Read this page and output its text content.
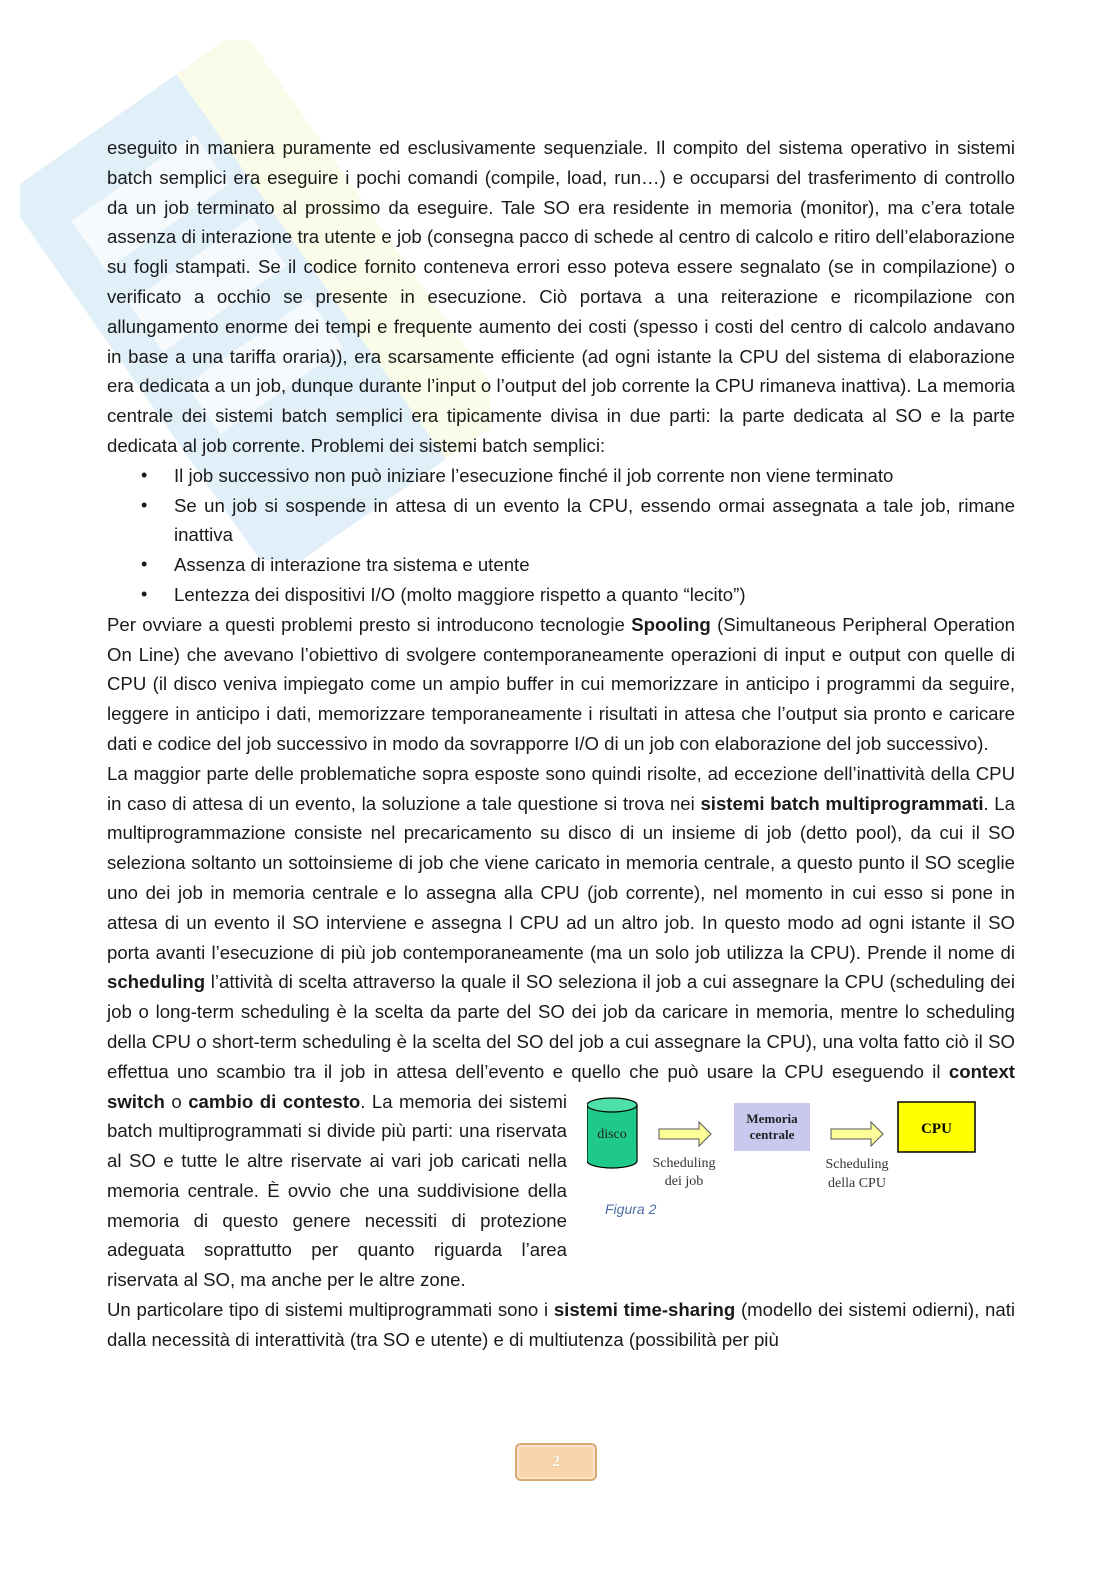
eseguito in maniera puramente ed esclusivamente sequenziale. Il compito del sistema operativo in sistemi batch semplici era eseguire i pochi comandi (compile, load, run…) e occuparsi del trasferimento di controllo da un job terminato al prossimo da eseguire. Tale SO era residente in memoria (monitor), ma c’era totale assenza di interazione tra utente e job (consegna pacco di schede al centro di calcolo e ritiro dell’elaborazione su fogli stampati. Se il codice fornito conteneva errori esso poteva essere segnalato (se in compilazione) o verificato a occhio se presente in esecuzione. Ciò portava a una reiterazione e ricompilazione con allungamento enorme dei tempi e frequente aumento dei costi (spesso i costi del centro di calcolo andavano in base a una tariffa oraria)), era scarsamente efficiente (ad ogni istante la CPU del sistema di elaborazione era dedicata a un job, dunque durante l’input o l’output del job corrente la CPU rimaneva inattiva). La memoria centrale dei sistemi batch semplici era tipicamente divisa in due parti: la parte dedicata al SO e la parte dedicata al job corrente. Problemi dei sistemi batch semplici:

• Il job successivo non può iniziare l’esecuzione finché il job corrente non viene terminato
• Se un job si sospende in attesa di un evento la CPU, essendo ormai assegnata a tale job, rimane inattiva
• Assenza di interazione tra sistema e utente
• Lentezza dei dispositivi I/O (molto maggiore rispetto a quanto “lecito”)

Per ovviare a questi problemi presto si introducono tecnologie Spooling (Simultaneous Peripheral Operation On Line) che avevano l’obiettivo di svolgere contemporaneamente operazioni di input e output con quelle di CPU (il disco veniva impiegato come un ampio buffer in cui memorizzare in anticipo i programmi da seguire, leggere in anticipo i dati, memorizzare temporaneamente i risultati in attesa che l’output sia pronto e caricare dati e codice del job successivo in modo da sovrapporre I/O di un job con elaborazione del job successivo).

La maggior parte delle problematiche sopra esposte sono quindi risolte, ad eccezione dell’inattività della CPU in caso di attesa di un evento, la soluzione a tale questione si trova nei sistemi batch multiprogrammati. La multiprogrammazione consiste nel precaricamento su disco di un insieme di job (detto pool), da cui il SO seleziona soltanto un sottoinsieme di job che viene caricato in memoria centrale, a questo punto il SO sceglie uno dei job in memoria centrale e lo assegna alla CPU (job corrente), nel momento in cui esso si pone in attesa di un evento il SO interviene e assegna l CPU ad un altro job. In questo modo ad ogni istante il SO porta avanti l’esecuzione di più job contemporaneamente (ma un solo job utilizza la CPU). Prende il nome di scheduling l’attività di scelta attraverso la quale il SO seleziona il job a cui assegnare la CPU (scheduling dei job o long-term scheduling è la scelta da parte del SO dei job da caricare in memoria, mentre lo scheduling della CPU o short-term scheduling è la scelta del SO del job a cui assegnare la CPU), una volta fatto ciò il SO effettua uno scambio tra il job in attesa dell’evento e quello che può usare la CPU eseguendo il
disco
Memoria
centrale	CPU
Scheduling
dei job
Scheduling
della CPU
Figura 2
context switch o cambio di contesto. La memoria dei sistemi batch multiprogrammati si divide più parti: una riservata al SO e tutte le altre riservate ai vari job caricati nella memoria centrale. È ovvio che una suddivisione della memoria di questo genere necessiti di protezione adeguata soprattutto per quanto riguarda l’area riservata al SO, ma anche per le altre zone.

Un particolare tipo di sistemi multiprogrammati sono i sistemi time-sharing (modello dei sistemi odierni), nati dalla necessità di interattività (tra SO e utente) e di multiutenza (possibilità per più

2
